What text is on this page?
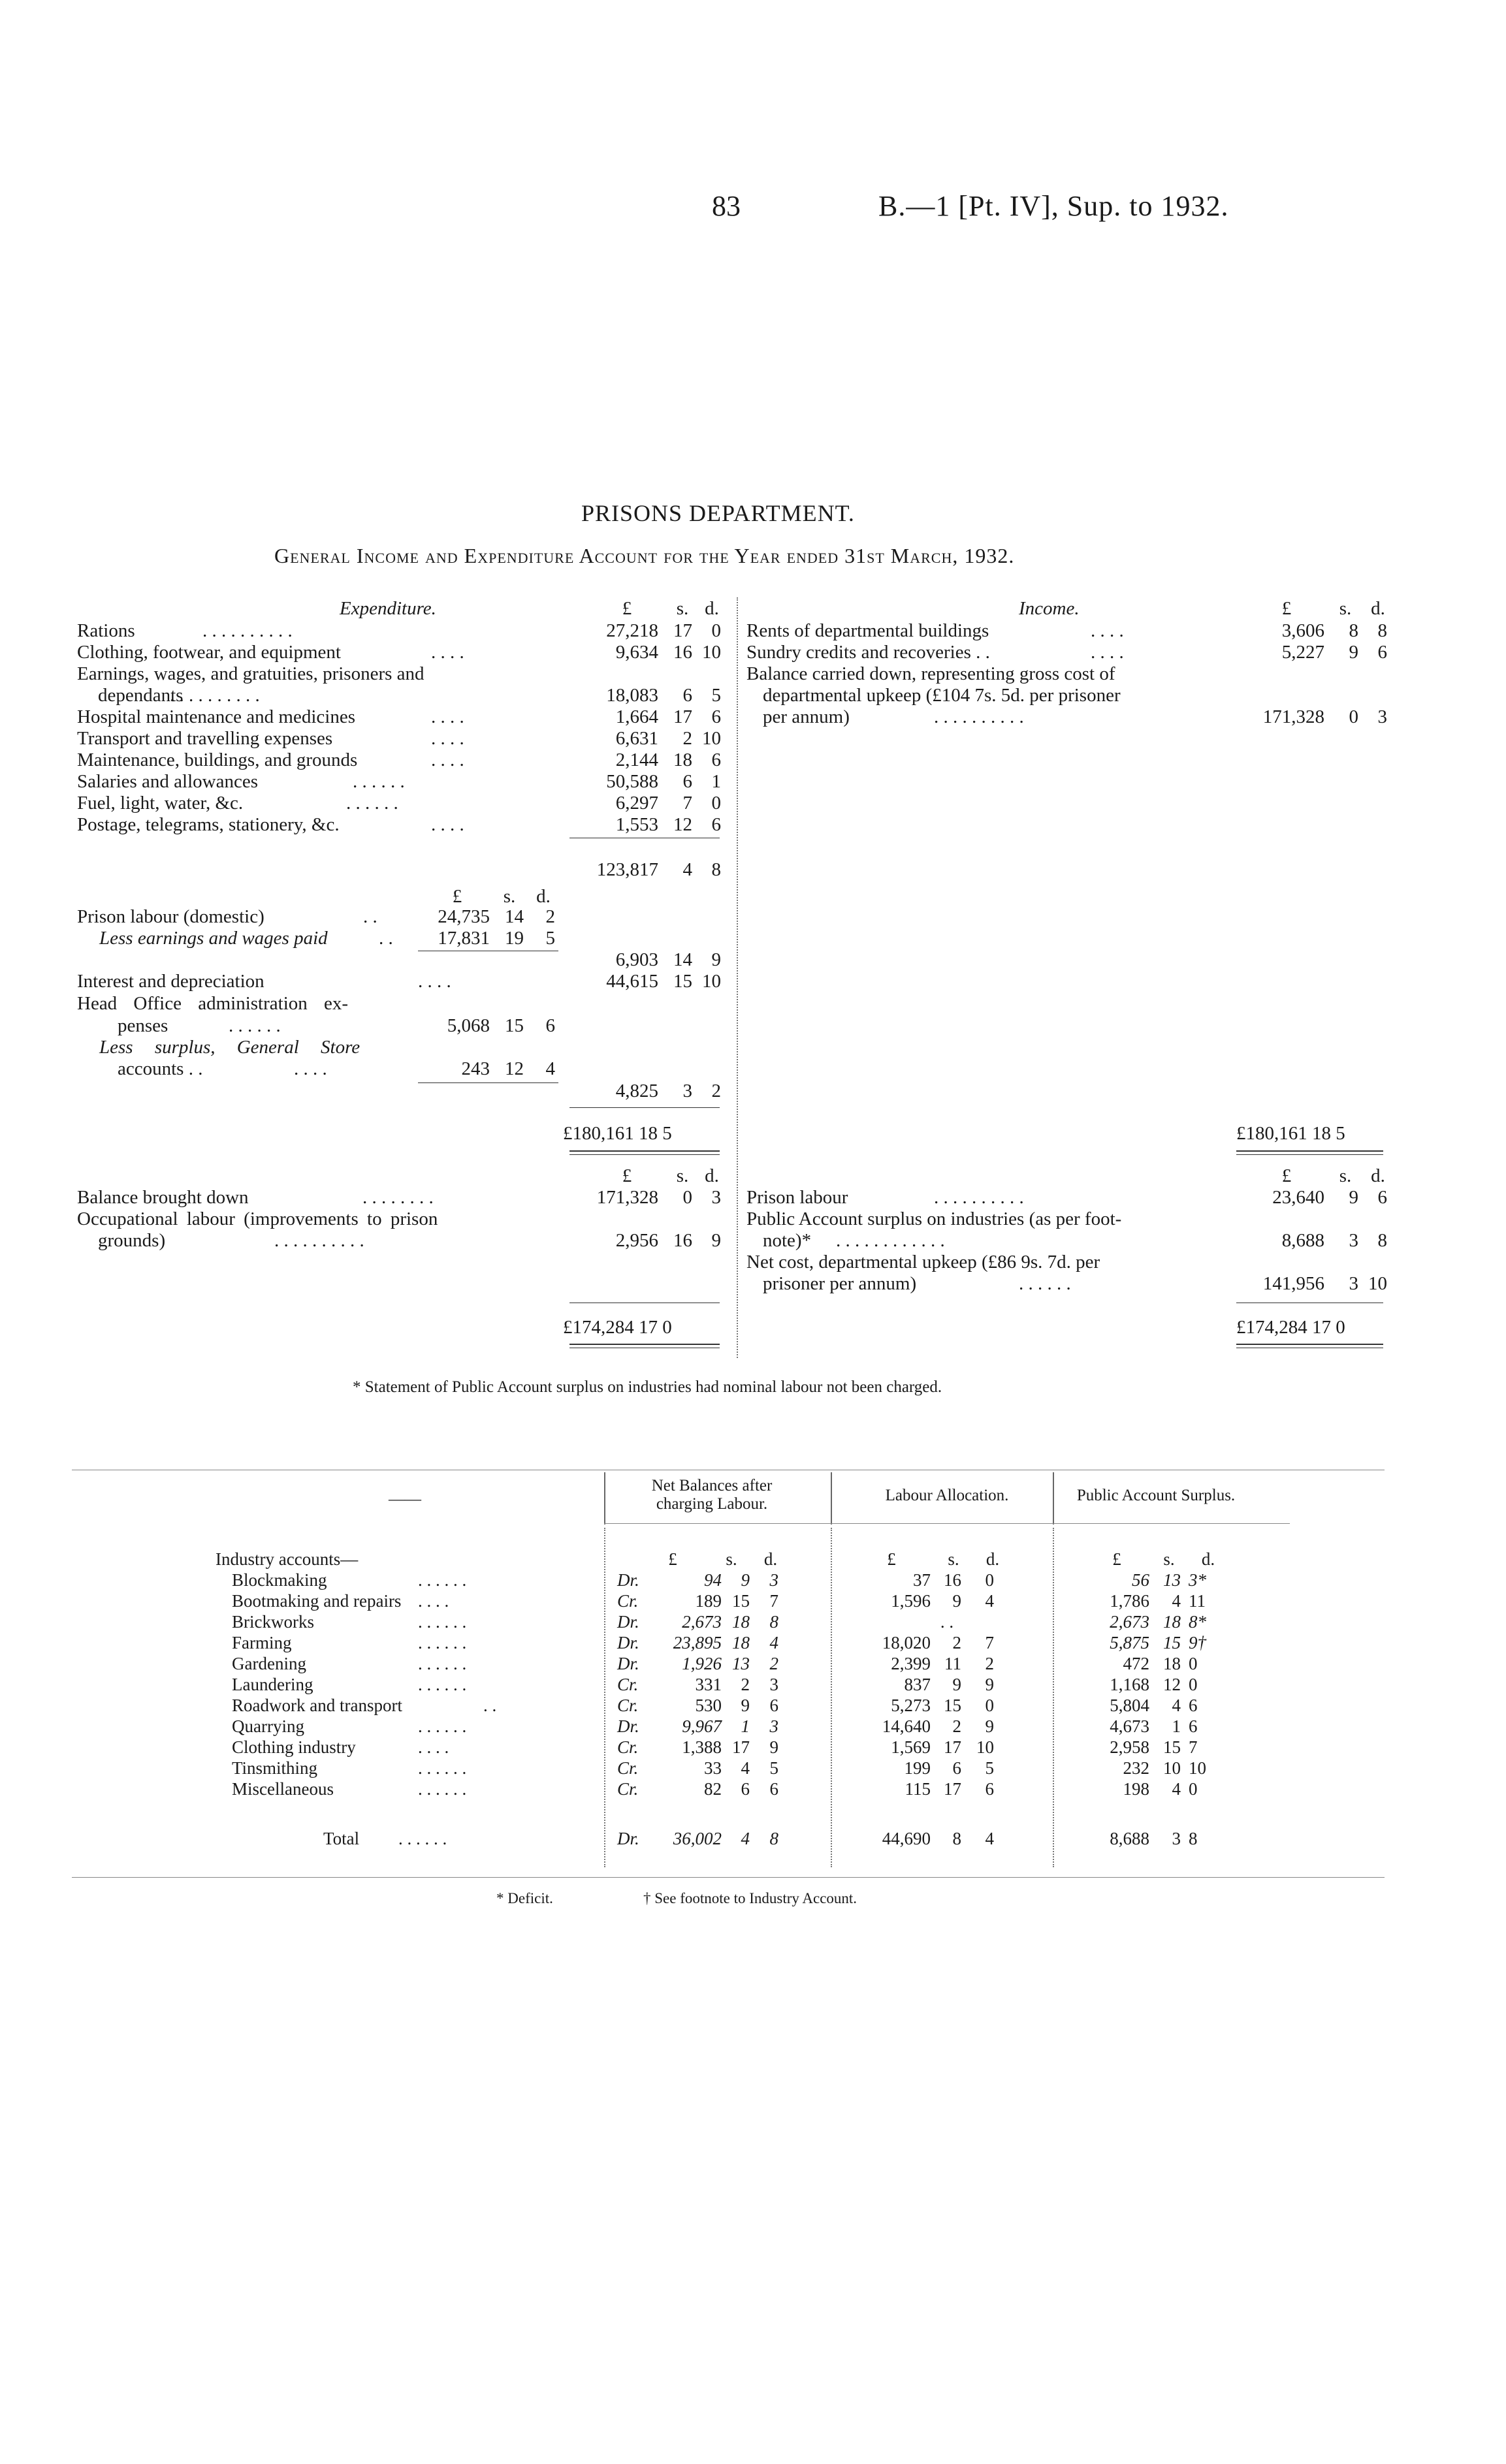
83	B.—1 [Pt. IV], Sup. to 1932.
PRISONS DEPARTMENT.
General Income and Expenditure Account for the Year ended 31st March, 1932.
Expenditure.	£	s. d.
Rations	. . . . . . . . . .	27,218 17	0
Clothing, footwear, and equipment	. . . .	9,634 16 10
Earnings, wages, and gratuities, prisoners and
dependants
. . . . . . . . . .	18,083	6	5
Hospital maintenance and medicines	. . . .	1,664 17	6
Transport and travelling expenses	. . . .	6,631	2 10
Maintenance, buildings, and grounds	. . . .	2,144 18	6
Salaries and allowances	. . . . . .	50,588	6	1
Fuel, light, water, &c.	. . . . . .	6,297	7	0
Postage, telegrams, stationery, &c.	. . . .	1,553 12	6
123,817	4	8
£	s.	d.
Prison labour (domestic)	. .	24,735 14	2
Less earnings and wages paid	. .	17,831 19	5
6,903 14	9
Interest and depreciation	. . . .	44,615 15 10
Head Office administration ex-
penses	. . . . . .	5,068 15	6
Less surplus, General Store
accounts . .	. . . .	243 12	4
4,825	3	2
£180,161 18 5
Income.	£	s.	d.
Rents of departmental buildings	. . . .	3,606	8	8
Sundry credits and recoveries . .	. . . .	5,227	9	6
Balance carried down, representing gross cost of
departmental upkeep (£104 7s. 5d. per prisoner
per annum)	. . . . . . . . . .	171,328	0	3
£180,161 18 5
£	s. d.	£	s.	d.
Balance brought down	. . . . . . . .	171,328	0	3
Occupational labour (improvements to prison
grounds)	. . . . . . . . . .	2,956 16	9
Prison labour	. . . . . . . . . .	23,640	9	6
Public Account surplus on industries (as per foot-
note)* . . . . . . . . . . . .	8,688	3	8
Net cost, departmental upkeep (£86 9s. 7d. per
prisoner per annum)	. . . . . .	141,956	3 10
£174,284 17 0	£174,284 17 0
* Statement of Public Account surplus on industries had nominal labour not been charged.
——
Net Balances after
charging Labour.	Labour Allocation.	Public Account Surplus.
Industry accounts—	£	s.	d.	£	s.	d.	£	s.	d.
Blockmaking	. . . . . .	Dr.	94	9	3	37 16	0	56 13 3*
Bootmaking and repairs . . . .	Cr.	189 15	7	1,596	9	4	1,786	4 11
Brickworks	. . . . . .	Dr.	2,673 18	8	. .	2,673 18 8*
Farming	. . . . . .	Dr.	23,895 18	4	18,020	2	7	5,875 15 9†
Gardening	. . . . . .	Dr.	1,926 13	2	2,399 11	2	472 18 0
Laundering	. . . . . .	Cr.	331	2	3	837	9	9	1,168 12 0
Roadwork and transport	. .	Cr.	530	9	6	5,273 15	0	5,804	4 6
Quarrying	. . . . . .	Dr.	9,967	1	3	14,640	2	9	4,673	1 6
Clothing industry	. . . .	Cr.	1,388 17	9	1,569 17 10	2,958 15 7
Tinsmithing	. . . . . .	Cr.	33	4	5	199	6	5	232 10 10
Miscellaneous	. . . . . .	Cr.	82	6	6	115 17	6	198	4 0
Total . . . . . .	Dr.	36,002	4	8	44,690	8	4	8,688	3 8
* Deficit.	† See footnote to Industry Account.
